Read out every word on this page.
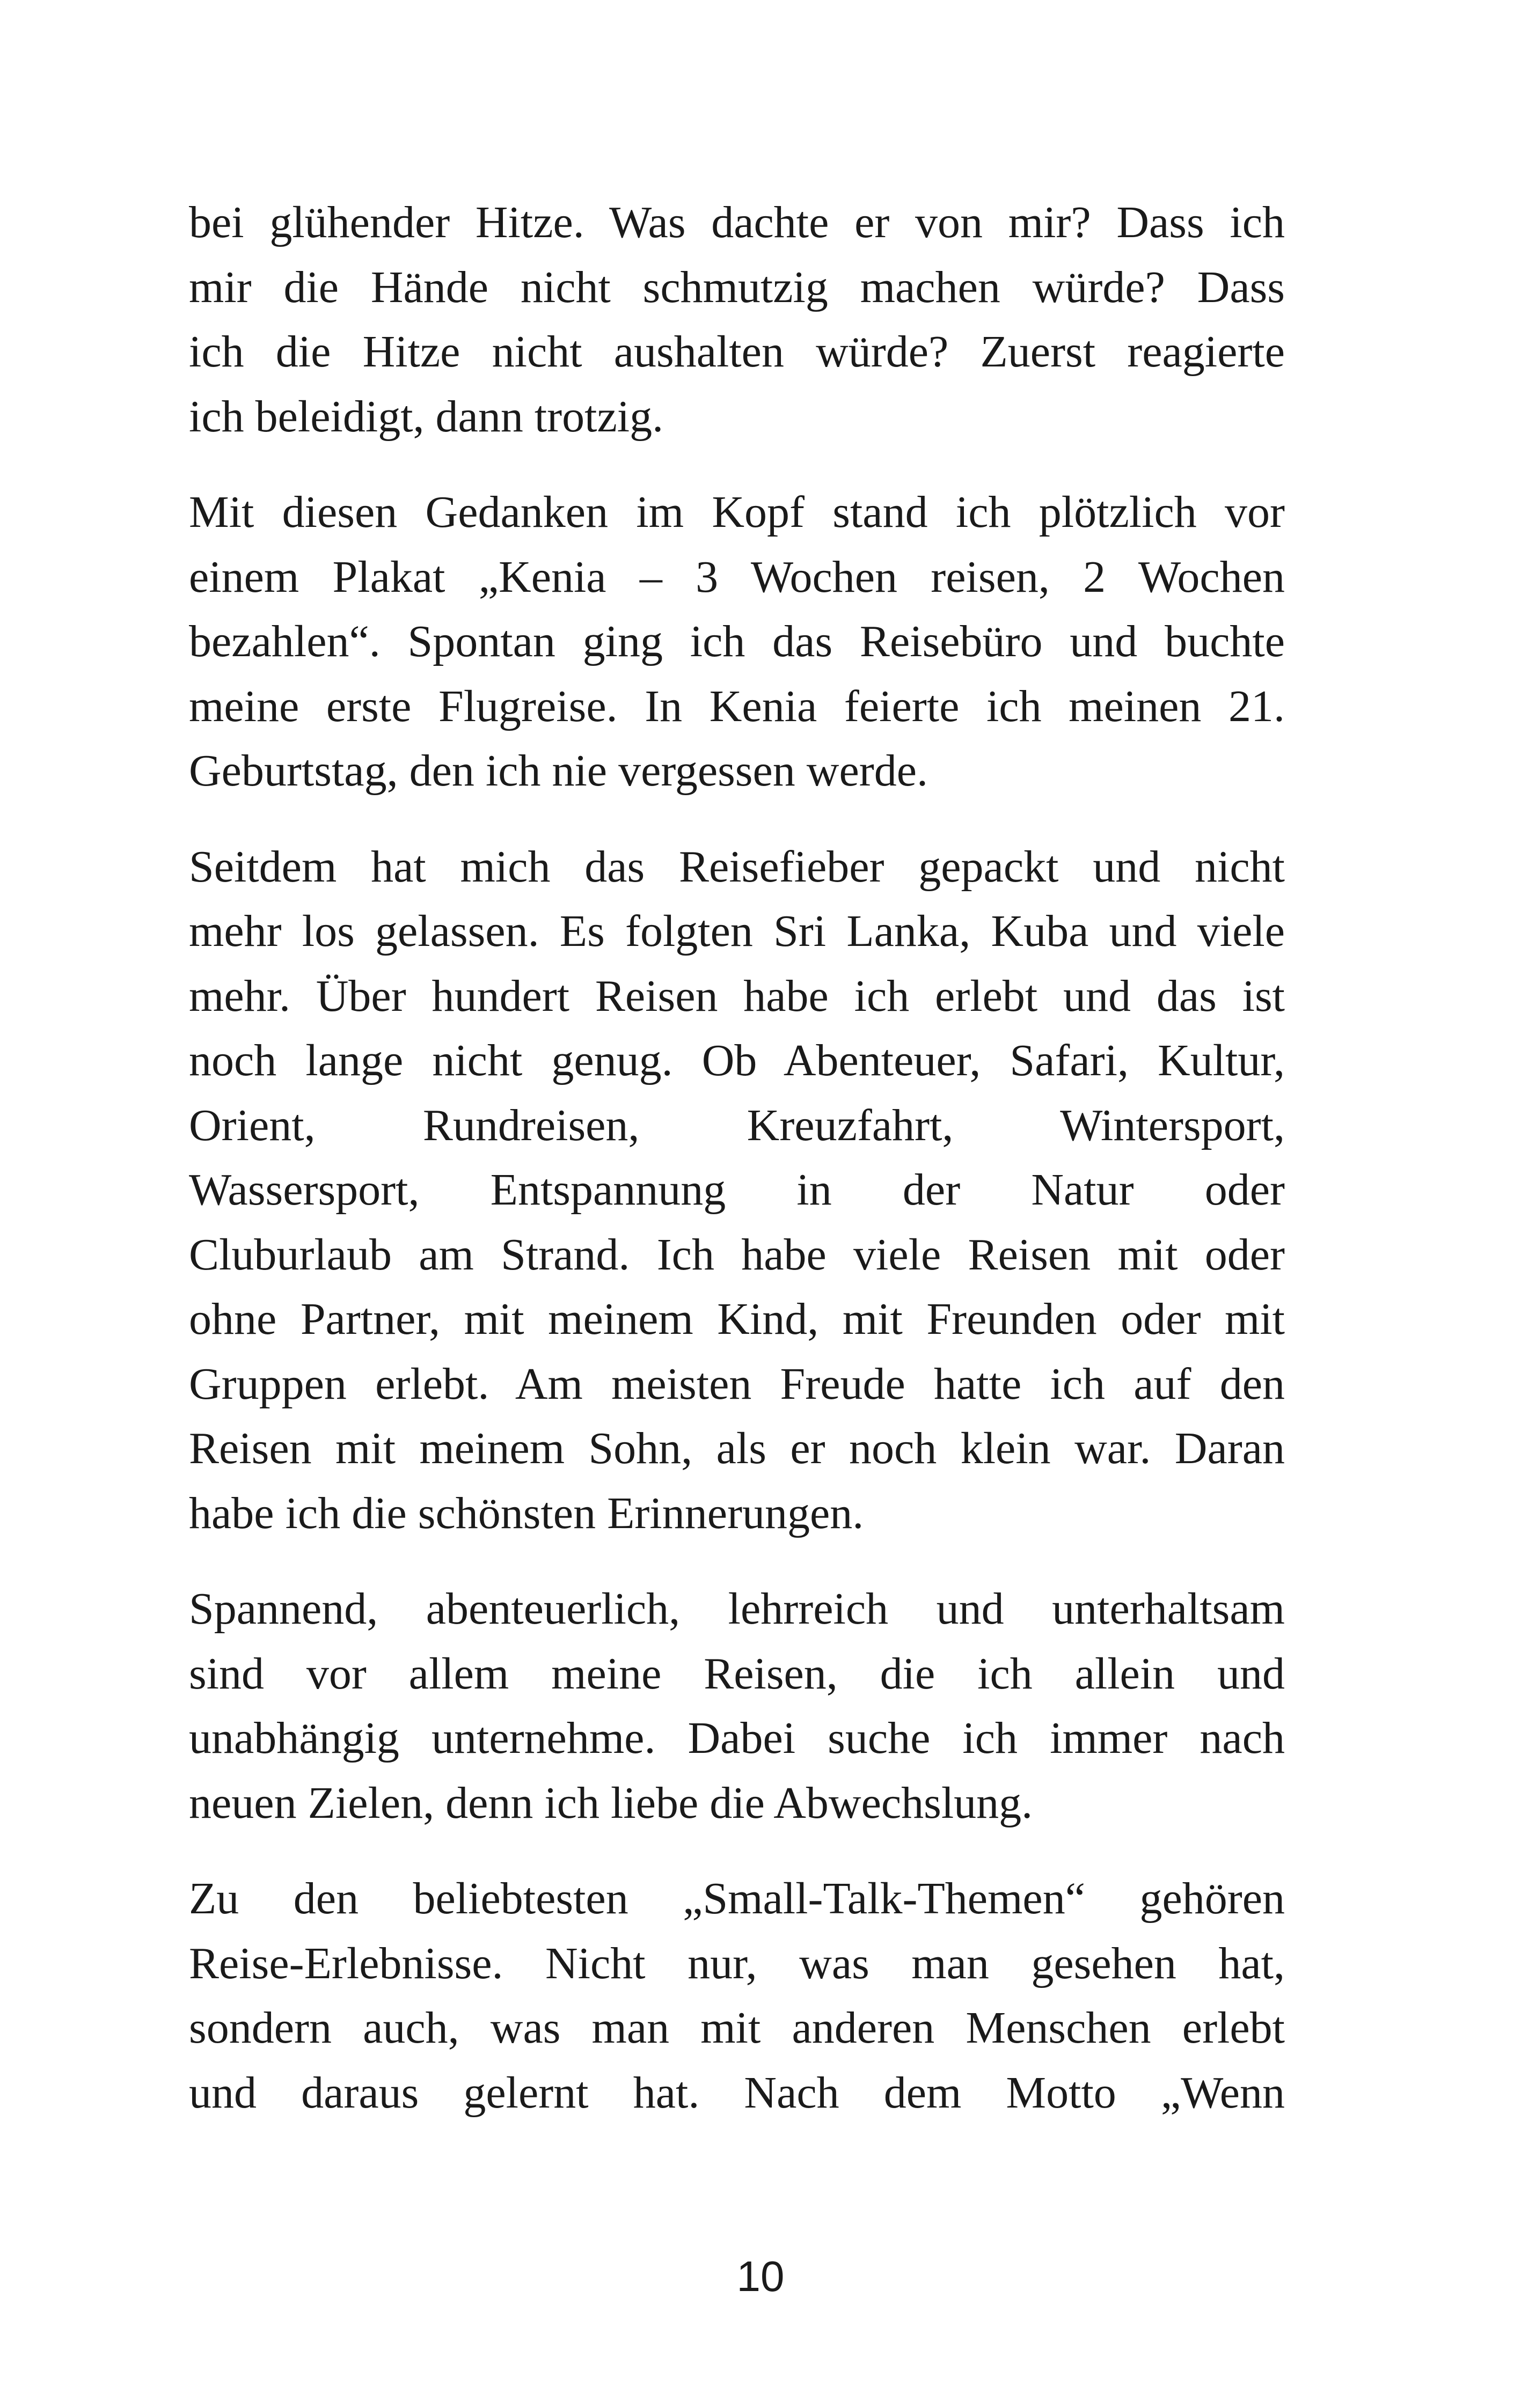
bei glühender Hitze. Was dachte er von mir? Dass ich
mir die Hände nicht schmutzig machen würde? Dass
ich die Hitze nicht aushalten würde? Zuerst reagierte
ich beleidigt, dann trotzig.

Mit diesen Gedanken im Kopf stand ich plötzlich vor
einem Plakat „Kenia – 3 Wochen reisen, 2 Wochen
bezahlen“. Spontan ging ich das Reisebüro und buchte
meine erste Flugreise. In Kenia feierte ich meinen 21.
Geburtstag, den ich nie vergessen werde.

Seitdem hat mich das Reisefieber gepackt und nicht
mehr los gelassen. Es folgten Sri Lanka, Kuba und viele
mehr. Über hundert Reisen habe ich erlebt und das ist
noch lange nicht genug. Ob Abenteuer, Safari, Kultur,
Orient, Rundreisen, Kreuzfahrt, Wintersport,
Wassersport, Entspannung in der Natur oder
Cluburlaub am Strand. Ich habe viele Reisen mit oder
ohne Partner, mit meinem Kind, mit Freunden oder mit
Gruppen erlebt. Am meisten Freude hatte ich auf den
Reisen mit meinem Sohn, als er noch klein war. Daran
habe ich die schönsten Erinnerungen.

Spannend, abenteuerlich, lehrreich und unterhaltsam
sind vor allem meine Reisen, die ich allein und
unabhängig unternehme. Dabei suche ich immer nach
neuen Zielen, denn ich liebe die Abwechslung.

Zu den beliebtesten „Small-Talk-Themen“ gehören
Reise-Erlebnisse. Nicht nur, was man gesehen hat,
sondern auch, was man mit anderen Menschen erlebt
und daraus gelernt hat. Nach dem Motto „Wenn

10
